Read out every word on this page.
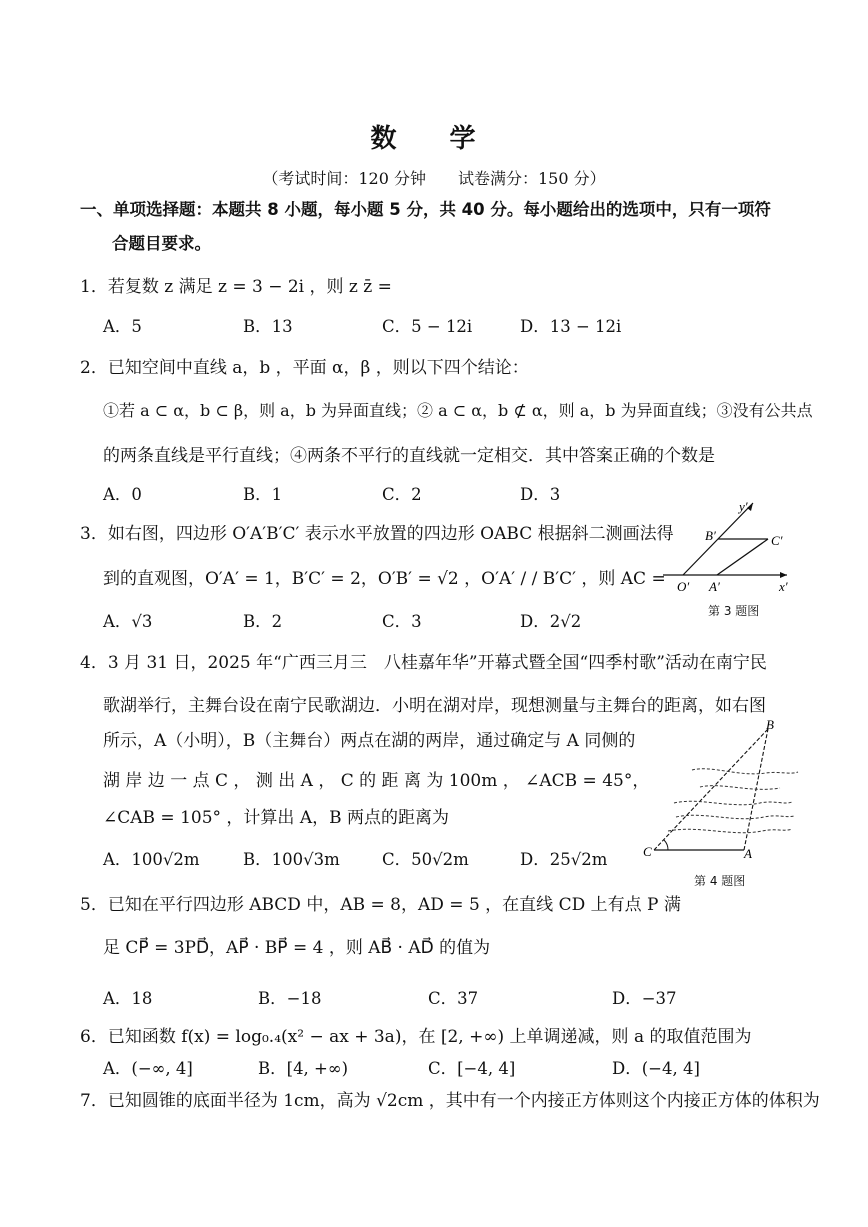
数 学
（考试时间：120 分钟　　试卷满分：150 分）
一、单项选择题：本题共 8 小题，每小题 5 分，共 40 分。每小题给出的选项中，只有一项符
合题目要求。
1．若复数 z 满足 z = 3 − 2i ，则 z z̄ =
A．5	B．13	C．5 − 12i	D．13 − 12i
2．已知空间中直线 a，b ，平面 α，β ，则以下四个结论：
①若 a ⊂ α，b ⊂ β，则 a，b 为异面直线；② a ⊂ α，b ⊄ α，则 a，b 为异面直线；③没有公共点
的两条直线是平行直线；④两条不平行的直线就一定相交．其中答案正确的个数是
A．0	B．1	C．2	D．3
3．如右图，四边形 O′A′B′C′ 表示水平放置的四边形 OABC 根据斜二测画法得
到的直观图，O′A′ = 1，B′C′ = 2，O′B′ = √2 ，O′A′ / / B′C′ ，则 AC =
A．√3	B．2	C．3	D．2√2
y′
B′	C′
O′ A′	x′
第 3 题图
4．3 月 31 日，2025 年“广西三月三　八桂嘉年华”开幕式暨全国“四季村歌”活动在南宁民
歌湖举行，主舞台设在南宁民歌湖边．小明在湖对岸，现想测量与主舞台的距离，如右图
所示，A（小明），B（主舞台）两点在湖的两岸，通过确定与 A 同侧的
湖 岸 边 一 点 C ， 测 出 A ， C 的 距 离 为 100m ， ∠ACB = 45°，
∠CAB = 105° ，计算出 A，B 两点的距离为
A．100√2m	B．100√3m	C．50√2m	D．25√2m
B
C	A
第 4 题图
5．已知在平行四边形 ABCD 中，AB = 8，AD = 5 ，在直线 CD 上有点 P 满
足 CP⃗ = 3PD⃗，AP⃗ · BP⃗ = 4 ，则 AB⃗ · AD⃗ 的值为
A．18	B．−18	C．37	D．−37
6．已知函数 f(x) = log₀.₄(x² − ax + 3a)，在 [2, +∞) 上单调递减，则 a 的取值范围为
A．(−∞, 4]	B．[4, +∞)	C．[−4, 4]	D．(−4, 4]
7．已知圆锥的底面半径为 1cm，高为 √2cm ，其中有一个内接正方体则这个内接正方体的体积为
